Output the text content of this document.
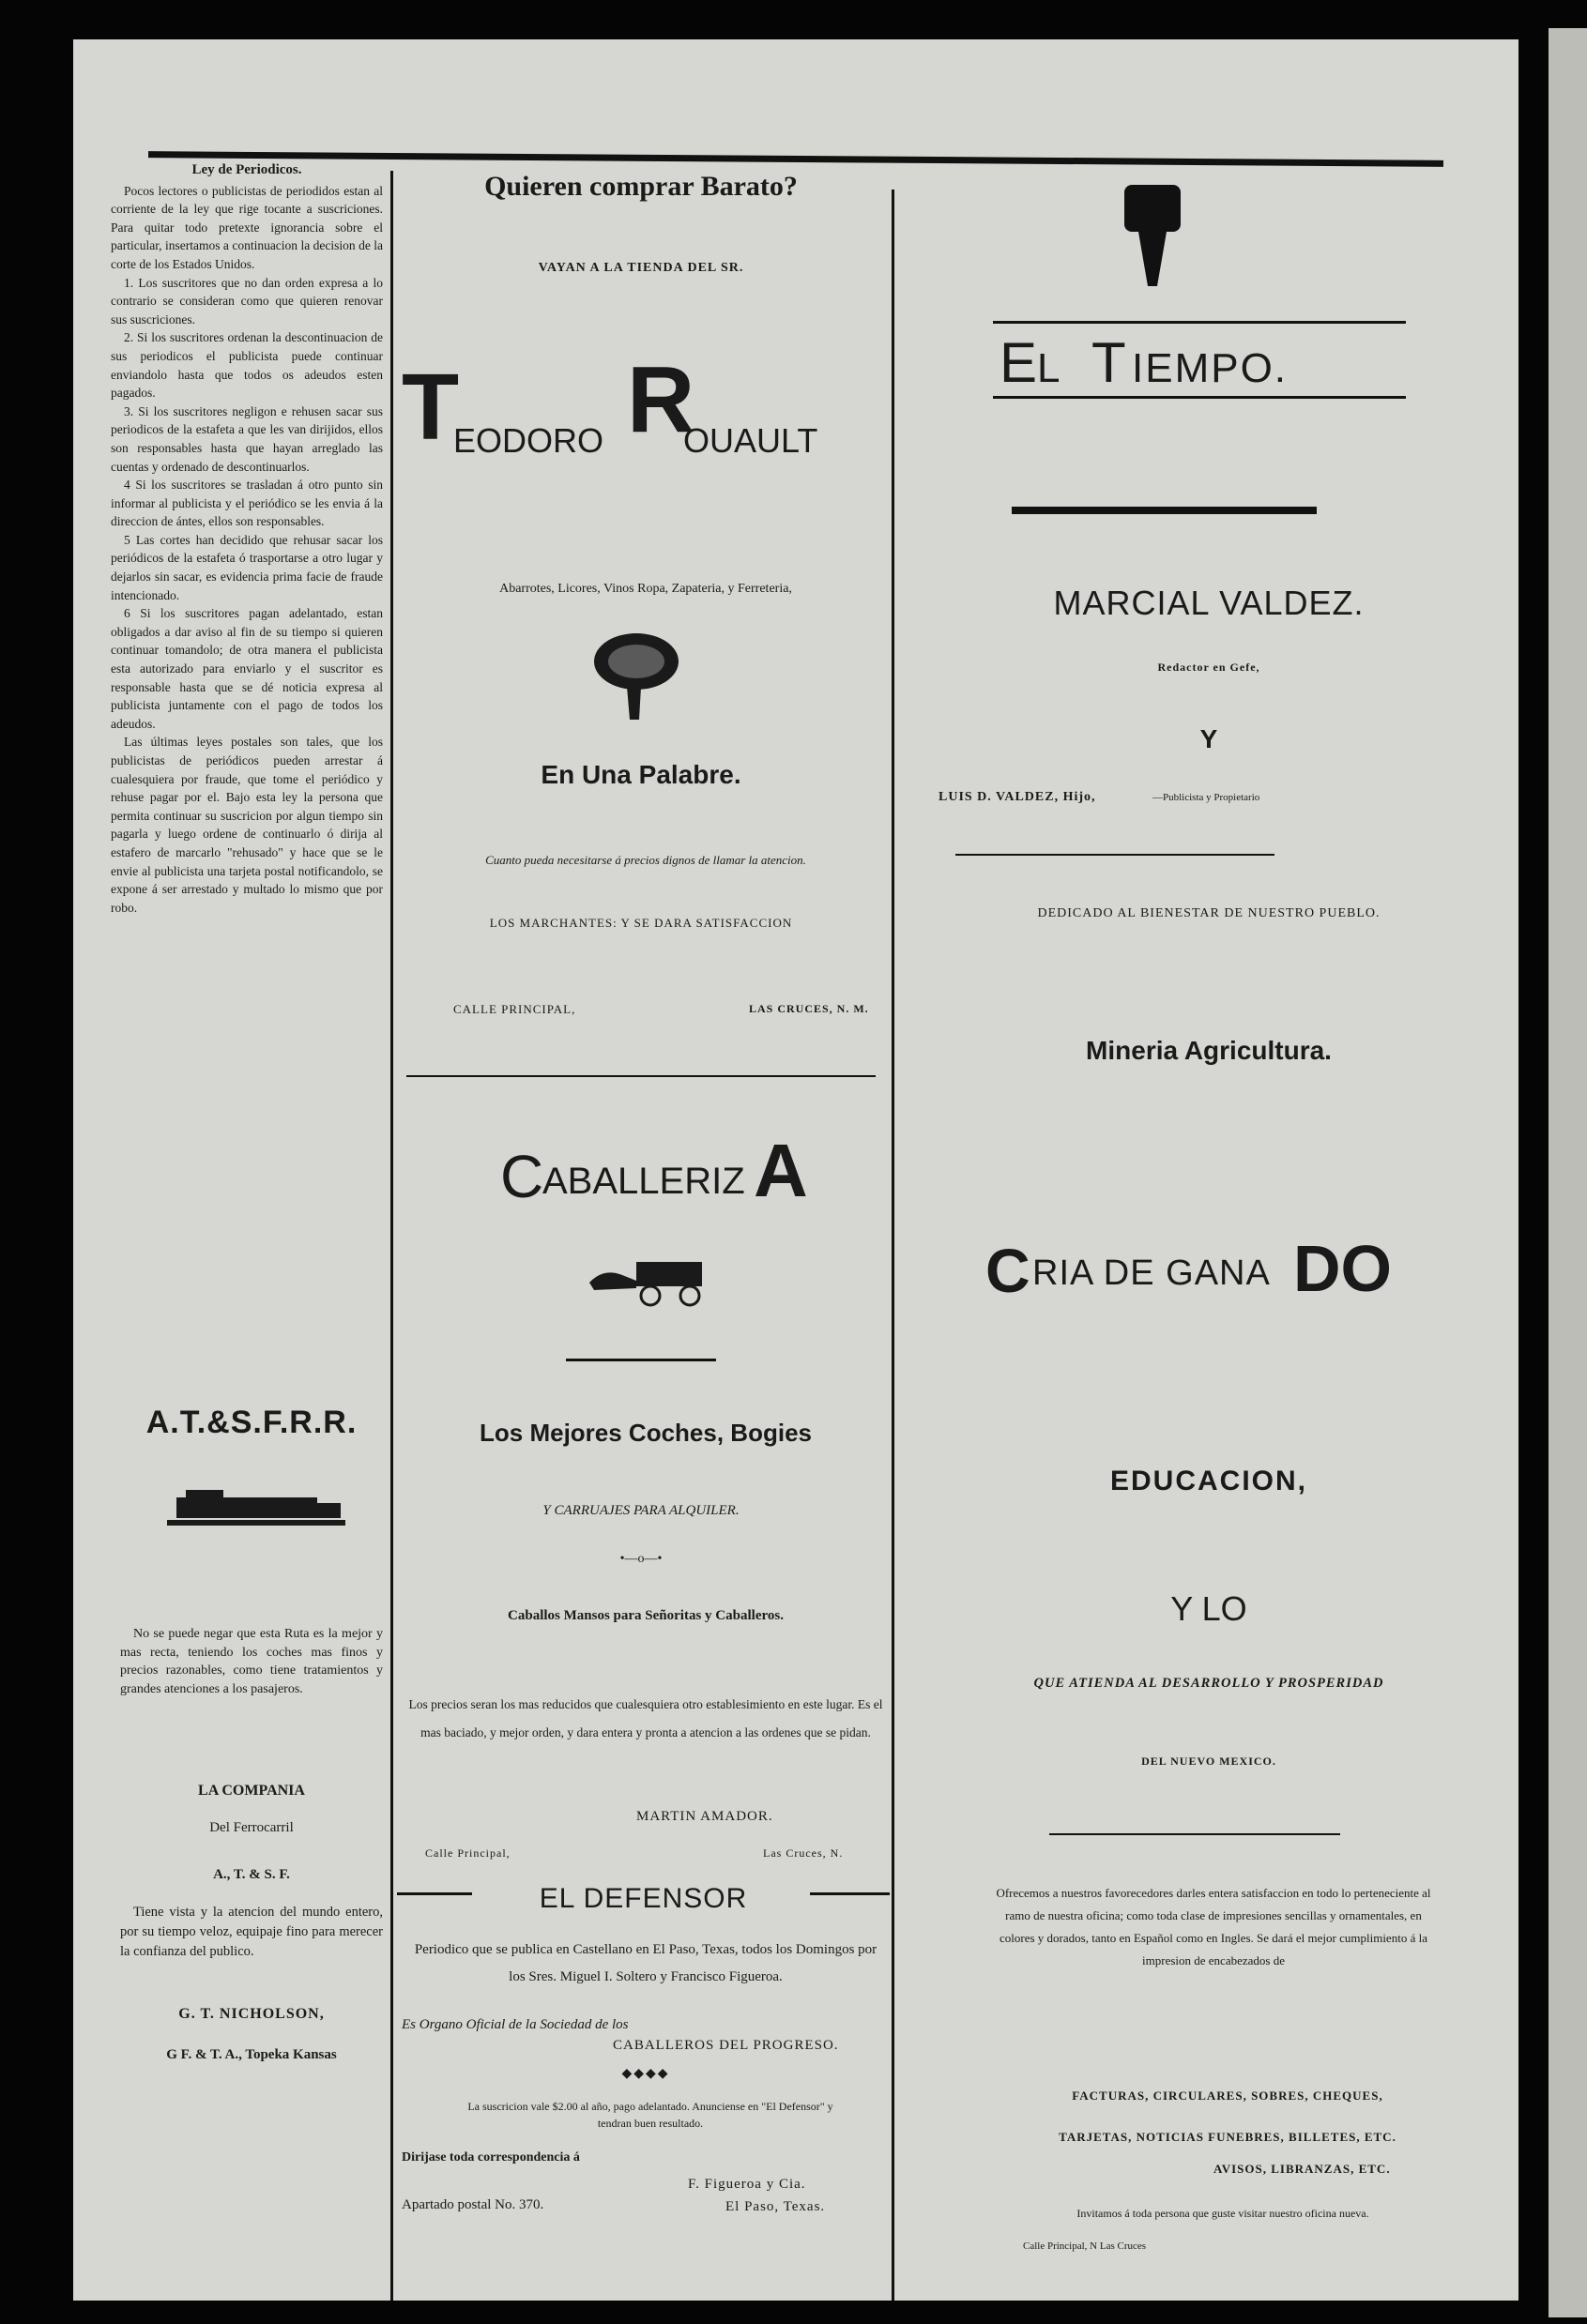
Ley de Periodicos.

Pocos lectores o publicistas de periodidos estan al corriente de la ley que rige tocante a suscriciones. Para quitar todo pretexte ignorancia sobre el particular, insertamos a continuacion la decision de la corte de los Estados Unidos.

1. Los suscritores que no dan orden expresa a lo contrario se consideran como que quieren renovar sus suscriciones.

2. Si los suscritores ordenan la descontinuacion de sus periodicos el publicista puede continuar enviandolo hasta que todos os adeudos esten pagados.

3. Si los suscritores negligon e rehusen sacar sus periodicos de la estafeta a que les van dirijidos, ellos son responsables hasta que hayan arreglado las cuentas y ordenado de descontinuarlos.

4 Si los suscritores se trasladan á otro punto sin informar al publicista y el periódico se les envia á la direccion de ántes, ellos son responsables.

5 Las cortes han decidido que rehusar sacar los periódicos de la estafeta ó trasportarse a otro lugar y dejarlos sin sacar, es evidencia prima facie de fraude intencionado.

6 Si los suscritores pagan adelantado, estan obligados a dar aviso al fin de su tiempo si quieren continuar tomandolo; de otra manera el publicista esta autorizado para enviarlo y el suscritor es responsable hasta que se dé noticia expresa al publicista juntamente con el pago de todos los adeudos.

Las últimas leyes postales son tales, que los publicistas de periódicos pueden arrestar á cualesquiera por fraude, que tome el periódico y rehuse pagar por el. Bajo esta ley la persona que permita continuar su suscricion por algun tiempo sin pagarla y luego ordene de continuarlo ó dirija al estafero de marcarlo "rehusado" y hace que se le envie al publicista una tarjeta postal notificandolo, se expone á ser arrestado y multado lo mismo que por robo.

A.T.&S.F.R.R.
No se puede negar que esta Ruta es la mejor y mas recta, teniendo los coches mas finos y precios razonables, como tiene tratamientos y grandes atenciones a los pasajeros.
LA COMPANIA
Del Ferrocarril
A., T. & S. F.
Tiene vista y la atencion del mundo entero, por su tiempo veloz, equipaje fino para merecer la confianza del publico.
G. T. NICHOLSON,
G F. & T. A., Topeka Kansas
Quieren comprar Barato?
VAYAN A LA TIENDA DEL SR.
T
EODORO R
OUAULT
Abarrotes, Licores, Vinos Ropa, Zapateria, y Ferreteria,
En Una Palabre.
Cuanto pueda necesitarse á precios dignos de llamar la atencion.
LOS MARCHANTES: Y SE DARA SATISFACCION
CALLE PRINCIPAL,	LAS CRUCES, N. M.
C
ABALLERIZ A
Los Mejores Coches, Bogies
Y CARRUAJES PARA ALQUILER.
•—o—•
Caballos Mansos para Señoritas y Caballeros.
Los precios seran los mas reducidos que cualesquiera otro establesimiento en este lugar. Es el mas baciado, y mejor orden, y dara entera y pronta a atencion a las ordenes que se pidan.
MARTIN AMADOR.
Calle Principal,	Las Cruces, N.
EL DEFENSOR
Periodico que se publica en Castellano en El Paso, Texas, todos los Domingos por los Sres. Miguel I. Soltero y Francisco Figueroa.
Es Organo Oficial de la Sociedad de los
CABALLEROS DEL PROGRESO.
◆◆◆◆
La suscricion vale $2.00 al año, pago adelantado. Anunciense en "El Defensor" y tendran buen resultado.
Dirijase toda correspondencia á
Apartado postal No. 370.
F. Figueroa y Cia.
El Paso, Texas.
E L T IEMPO.
MARCIAL VALDEZ.
Redactor en Gefe,
Y
LUIS D. VALDEZ, Hijo,	—Publicista y Propietario
DEDICADO AL BIENESTAR DE NUESTRO PUEBLO.
Mineria Agricultura.
C RIA DE GANA DO
EDUCACION,
Y LO
QUE ATIENDA AL DESARROLLO Y PROSPERIDAD
DEL NUEVO MEXICO.
Ofrecemos a nuestros favorecedores darles entera satisfaccion en todo lo perteneciente al ramo de nuestra oficina; como toda clase de impresiones sencillas y ornamentales, en colores y dorados, tanto en Español como en Ingles. Se dará el mejor cumplimiento á la impresion de encabezados de
FACTURAS, CIRCULARES, SOBRES, CHEQUES,
TARJETAS, NOTICIAS FUNEBRES, BILLETES, ETC.
AVISOS, LIBRANZAS, ETC.
Invitamos á toda persona que guste visitar nuestro oficina nueva.
Calle Principal, N Las Cruces
